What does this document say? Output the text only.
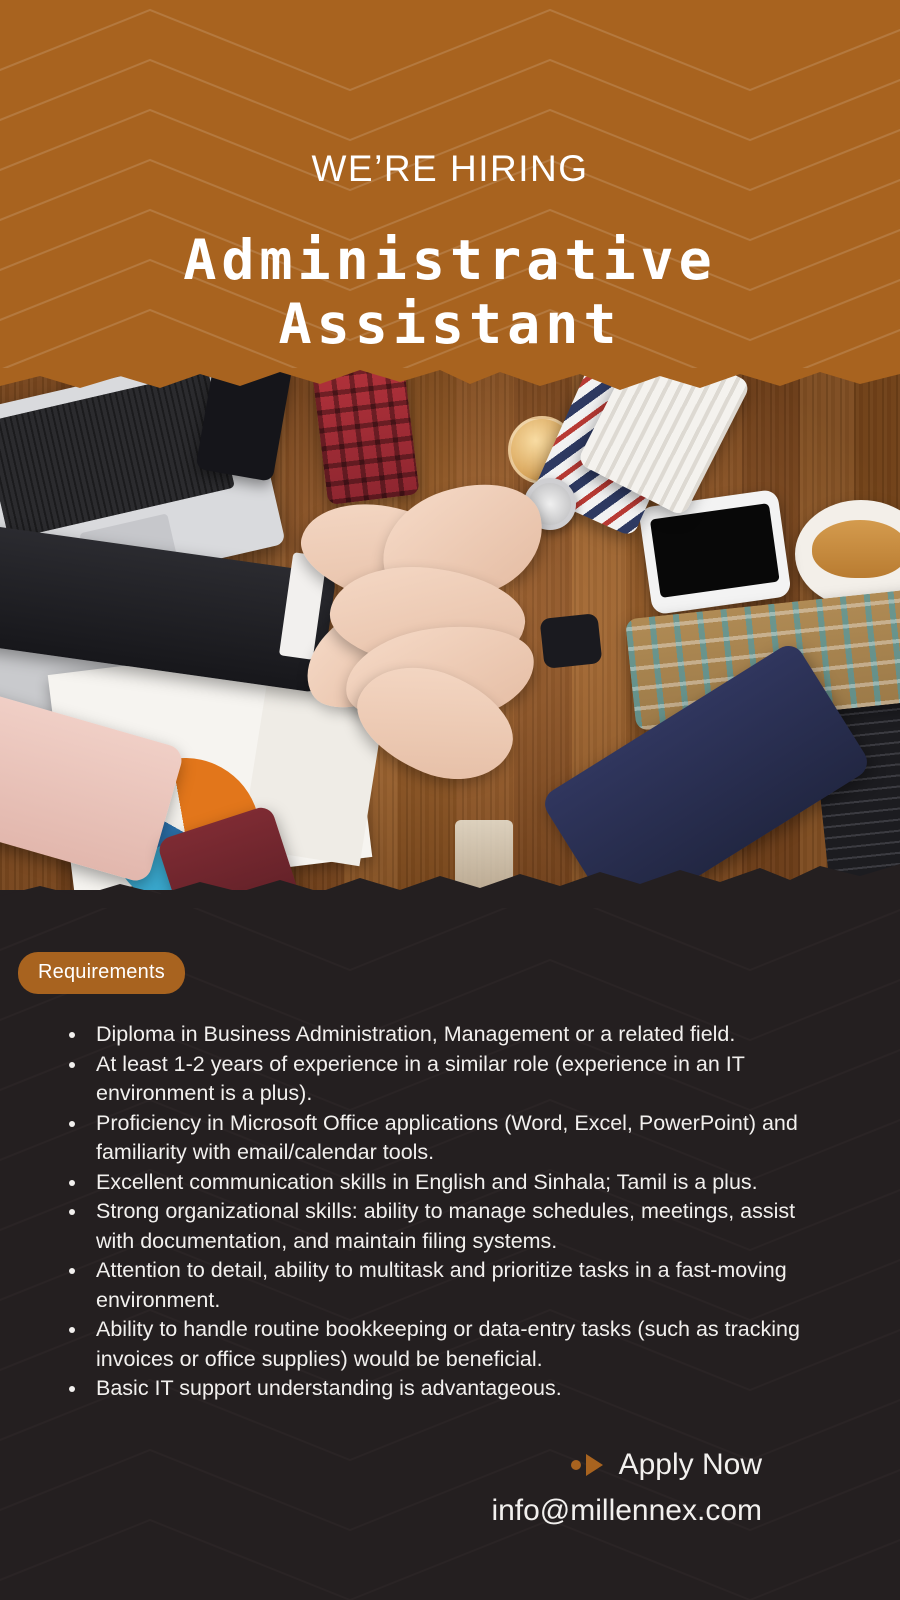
WE’RE HIRING
Administrative Assistant
Requirements
• Diploma in Business Administration, Management or a related field.
• At least 1-2 years of experience in a similar role (experience in an IT environment is a plus).
• Proficiency in Microsoft Office applications (Word, Excel, PowerPoint) and familiarity with email/calendar tools.
• Excellent communication skills in English and Sinhala; Tamil is a plus.
• Strong organizational skills: ability to manage schedules, meetings, assist with documentation, and maintain filing systems.
• Attention to detail, ability to multitask and prioritize tasks in a fast-moving environment.
• Ability to handle routine bookkeeping or data-entry tasks (such as tracking invoices or office supplies) would be beneficial.
• Basic IT support understanding is advantageous.
Apply Now
info@millennex.com
